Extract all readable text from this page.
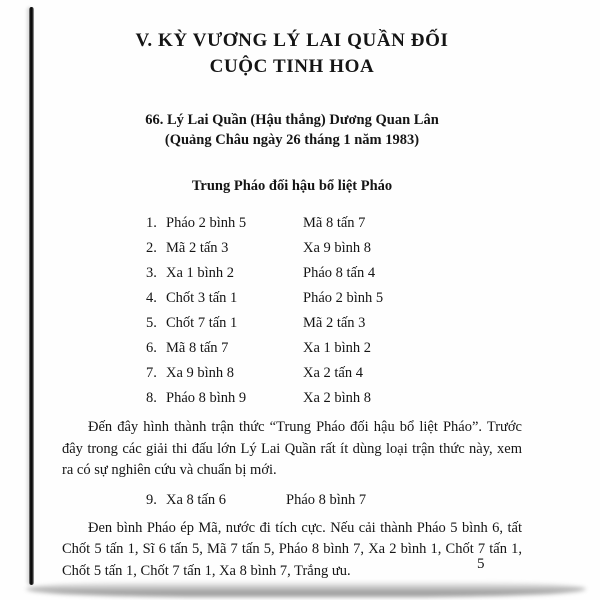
V. KỲ VƯƠNG LÝ LAI QUẦN ĐỐI
CUỘC TINH HOA
66. Lý Lai Quần (Hậu thắng) Dương Quan Lân
(Quảng Châu ngày 26 tháng 1 năm 1983)
Trung Pháo đối hậu bổ liệt Pháo
1. Pháo 2 bình 5	Mã 8 tấn 7
2. Mã 2 tấn 3	Xa 9 bình 8
3. Xa 1 bình 2	Pháo 8 tấn 4
4. Chốt 3 tấn 1	Pháo 2 bình 5
5. Chốt 7 tấn 1	Mã 2 tấn 3
6. Mã 8 tấn 7	Xa 1 bình 2
7. Xa 9 bình 8	Xa 2 tấn 4
8. Pháo 8 bình 9	Xa 2 bình 8

Đến đây hình thành trận thức “Trung Pháo đối hậu bổ liệt Pháo”. Trước đây trong các giải thi đấu lớn Lý Lai Quần rất ít dùng loại trận thức này, xem ra có sự nghiên cứu và chuẩn bị mới.

9. Xa 8 tấn 6	Pháo 8 bình 7

Đen bình Pháo ép Mã, nước đi tích cực. Nếu cải thành Pháo 5 bình 6, tất Chốt 5 tấn 1, Sĩ 6 tấn 5, Mã 7 tấn 5, Pháo 8 bình 7, Xa 2 bình 1, Chốt 7 tấn 1, Chốt 5 tấn 1, Chốt 7 tấn 1, Xa 8 bình 7, Trắng ưu.	5
